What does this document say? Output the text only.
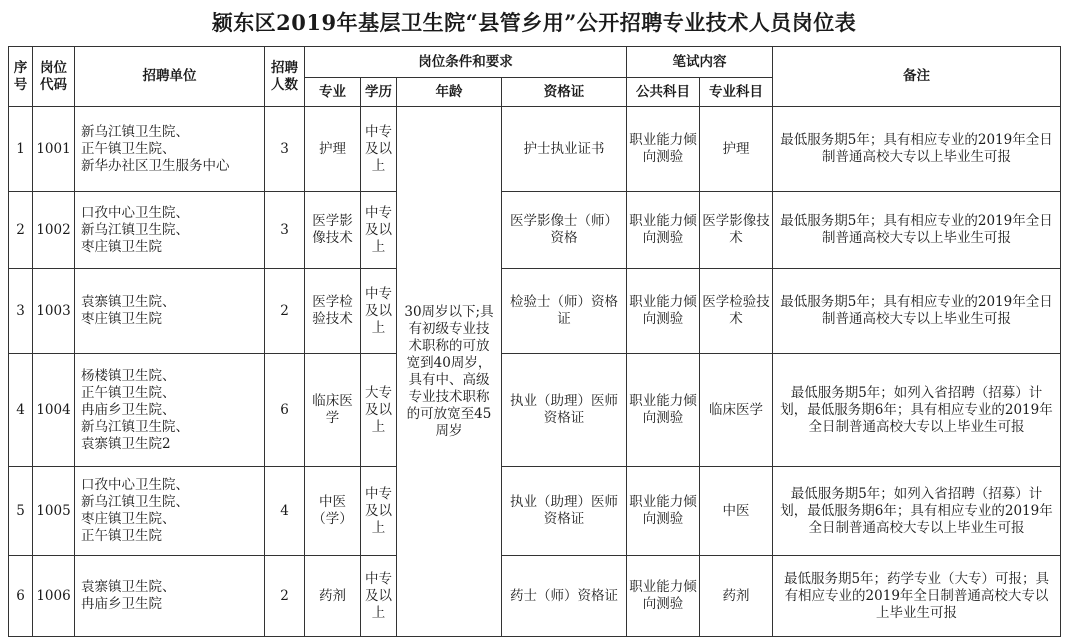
颍东区2019年基层卫生院“县管乡用”公开招聘专业技术人员岗位表
序号	岗位代码	招聘单位	招聘人数	岗位条件和要求				笔试内容		备注
				专业	学历	年龄	资格证	公共科目	专业科目	
1	1001	新乌江镇卫生院、
正午镇卫生院、
新华办社区卫生服务中心	3	护理	中专及以上	30周岁以下;具有初级专业技术职称的可放宽到40周岁，具有中、高级专业技术职称的可放宽至45周岁	护士执业证书	职业能力倾向测验	护理	最低服务期5年；具有相应专业的2019年全日制普通高校大专以上毕业生可报
2	1002	口孜中心卫生院、
新乌江镇卫生院、
枣庄镇卫生院	3	医学影像技术	中专及以上		医学影像士（师）资格	职业能力倾向测验	医学影像技术	最低服务期5年；具有相应专业的2019年全日制普通高校大专以上毕业生可报
3	1003	袁寨镇卫生院、
枣庄镇卫生院	2	医学检验技术	中专及以上		检验士（师）资格证	职业能力倾向测验	医学检验技术	最低服务期5年；具有相应专业的2019年全日制普通高校大专以上毕业生可报
4	1004	杨楼镇卫生院、
正午镇卫生院、
冉庙乡卫生院、
新乌江镇卫生院、
袁寨镇卫生院2	6	临床医学	大专及以上		执业（助理）医师资格证	职业能力倾向测验	临床医学	最低服务期5年；如列入省招聘（招募）计划，最低服务期6年；具有相应专业的2019年全日制普通高校大专以上毕业生可报
5	1005	口孜中心卫生院、
新乌江镇卫生院、
枣庄镇卫生院、
正午镇卫生院	4	中医（学）	中专及以上		执业（助理）医师资格证	职业能力倾向测验	中医	最低服务期5年；如列入省招聘（招募）计划，最低服务期6年；具有相应专业的2019年全日制普通高校大专以上毕业生可报
6	1006	袁寨镇卫生院、
冉庙乡卫生院	2	药剂	中专及以上		药士（师）资格证	职业能力倾向测验	药剂	最低服务期5年；药学专业（大专）可报；具有相应专业的2019年全日制普通高校大专以上毕业生可报
